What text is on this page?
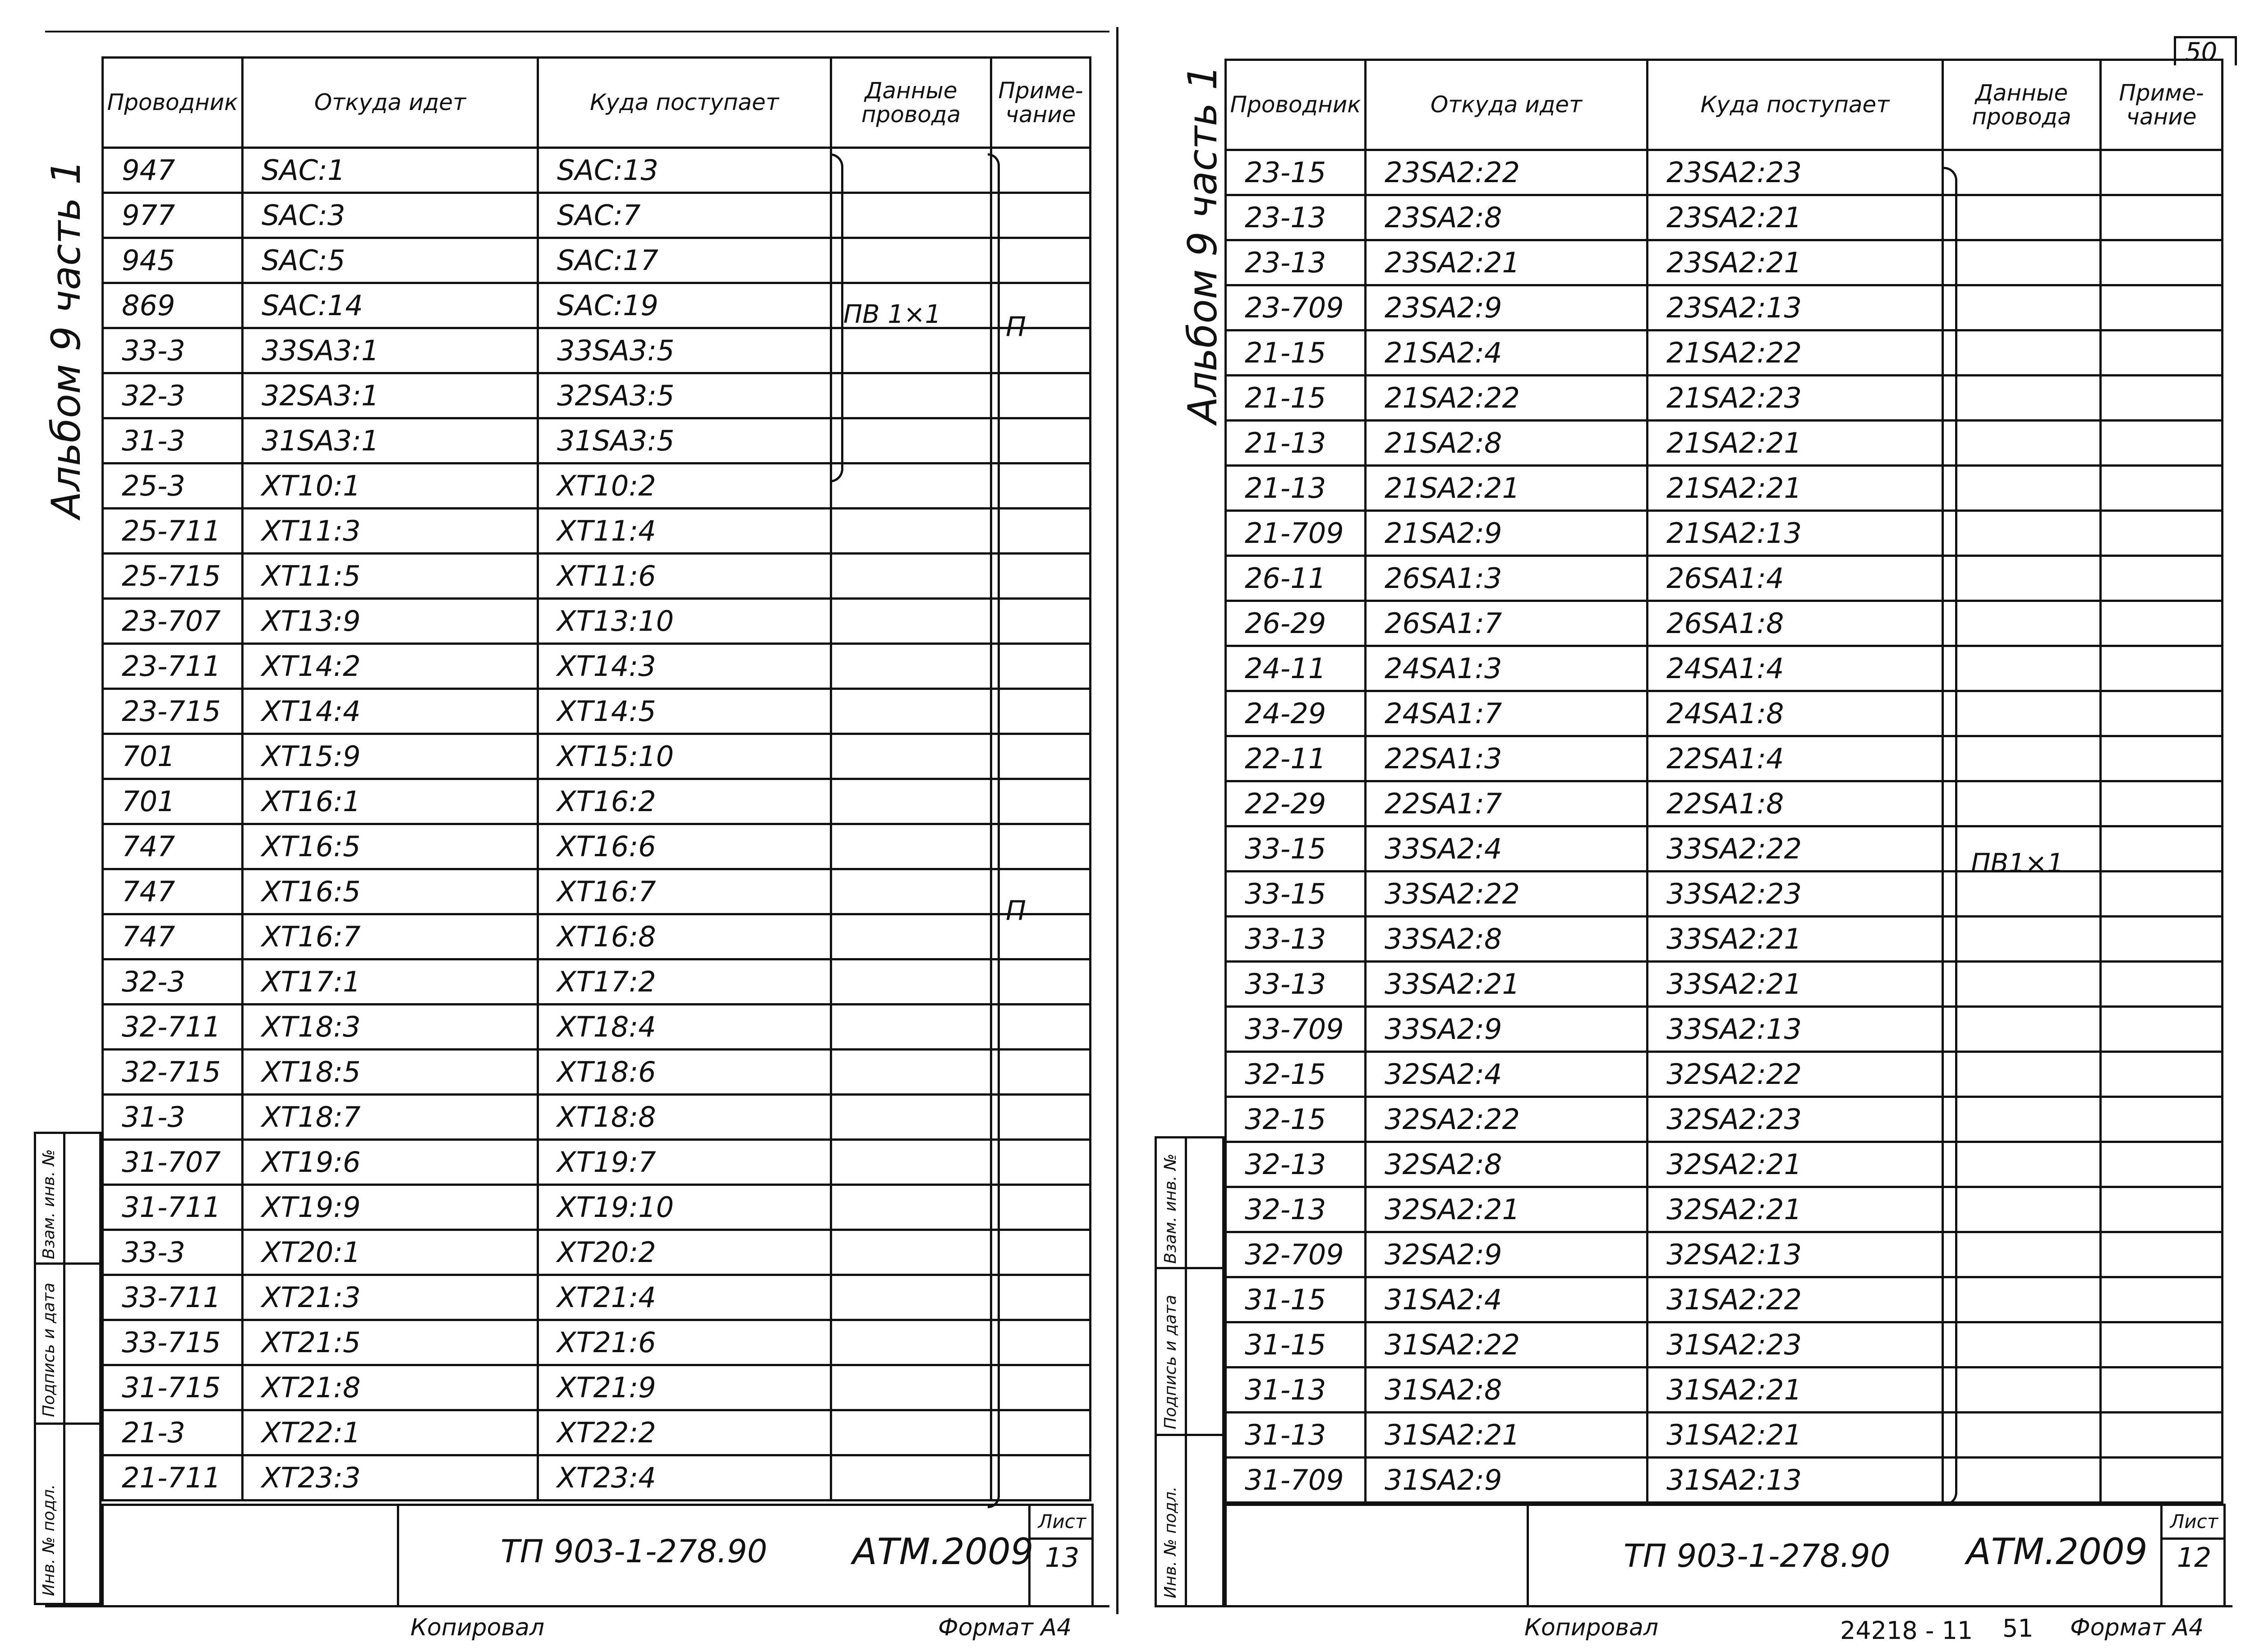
Альбом 9 часть 1
Проводник	Откуда идет	Куда поступает	Данные провода	Приме- чание
947	SAC:1	SAC:13		
977	SAC:3	SAC:7		
945	SAC:5	SAC:17		
869	SAC:14	SAC:19		
33-3	33SA3:1	33SA3:5		
32-3	32SA3:1	32SA3:5		
31-3	31SA3:1	31SA3:5		
25-3	XT10:1	XT10:2		
25-711	XT11:3	XT11:4		
25-715	XT11:5	XT11:6		
23-707	XT13:9	XT13:10		
23-711	XT14:2	XT14:3		
23-715	XT14:4	XT14:5		
701	XT15:9	XT15:10		
701	XT16:1	XT16:2		
747	XT16:5	XT16:6		
747	XT16:5	XT16:7		
747	XT16:7	XT16:8		
32-3	XT17:1	XT17:2		
32-711	XT18:3	XT18:4		
32-715	XT18:5	XT18:6		
31-3	XT18:7	XT18:8		
31-707	XT19:6	XT19:7		
31-711	XT19:9	XT19:10		
33-3	XT20:1	XT20:2		
33-711	XT21:3	XT21:4		
33-715	XT21:5	XT21:6		
31-715	XT21:8	XT21:9		
21-3	XT22:1	XT22:2		
21-711	XT23:3	XT23:4		
ПВ 1×1 П
П
Взам. инв. №
Подпись и дата
Инв. № подл.	ТП 903-1-278.90 АТМ.2009
Лист
13
Копировал	Формат А4
50
Альбом 9 часть 1 Проводник	Откуда идет	Куда поступает	Данные провода	Приме- чание
23-15	23SA2:22	23SA2:23		
23-13	23SA2:8	23SA2:21		
23-13	23SA2:21	23SA2:21		
23-709	23SA2:9	23SA2:13		
21-15	21SA2:4	21SA2:22		
21-15	21SA2:22	21SA2:23		
21-13	21SA2:8	21SA2:21		
21-13	21SA2:21	21SA2:21		
21-709	21SA2:9	21SA2:13		
26-11	26SA1:3	26SA1:4		
26-29	26SA1:7	26SA1:8		
24-11	24SA1:3	24SA1:4		
24-29	24SA1:7	24SA1:8		
22-11	22SA1:3	22SA1:4		
22-29	22SA1:7	22SA1:8		
33-15	33SA2:4	33SA2:22		
33-15	33SA2:22	33SA2:23		
33-13	33SA2:8	33SA2:21		
33-13	33SA2:21	33SA2:21		
33-709	33SA2:9	33SA2:13		
32-15	32SA2:4	32SA2:22		
32-15	32SA2:22	32SA2:23		
32-13	32SA2:8	32SA2:21		
32-13	32SA2:21	32SA2:21		
32-709	32SA2:9	32SA2:13		
31-15	31SA2:4	31SA2:22		
31-15	31SA2:22	31SA2:23		
31-13	31SA2:8	31SA2:21		
31-13	31SA2:21	31SA2:21		
31-709	31SA2:9	31SA2:13		
ПВ1×1
Взам. инв. №
Подпись и дата
Инв. № подл.	ТП 903-1-278.90 АТМ.2009
Лист
12
Копировал	24218 - 11 51 Формат А4
